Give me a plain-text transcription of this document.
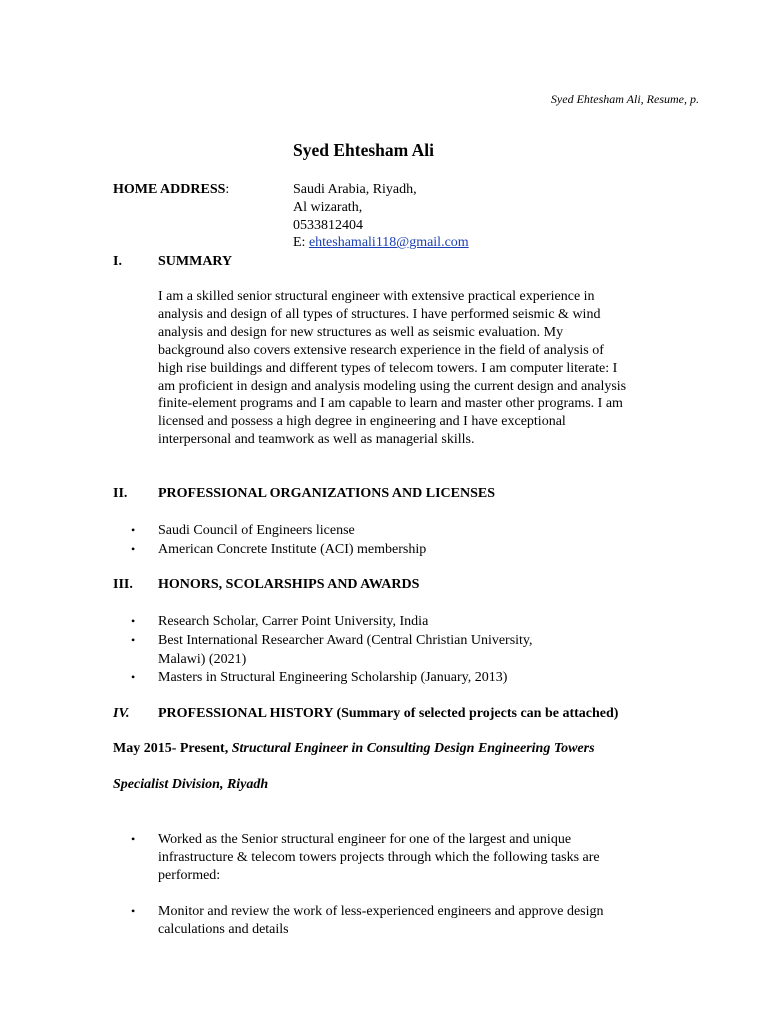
Syed Ehtesham Ali, Resume, p.
Syed Ehtesham Ali
HOME ADDRESS:	Saudi Arabia, Riyadh,
Al wizarath,
0533812404
E: ehteshamali118@gmail.com
I.	SUMMARY

I am a skilled senior structural engineer with extensive practical experience in

analysis and design of all types of structures. I have performed seismic & wind

analysis and design for new structures as well as seismic evaluation. My

background also covers extensive research experience in the field of analysis of

high rise buildings and different types of telecom towers. I am computer literate: I

am proficient in design and analysis modeling using the current design and analysis

finite-element programs and I am capable to learn and master other programs. I am

licensed and possess a high degree in engineering and I have exceptional

interpersonal and teamwork as well as managerial skills.

II. PROFESSIONAL ORGANIZATIONS AND LICENSES
• Saudi Council of Engineers license
• American Concrete Institute (ACI) membership
III. HONORS, SCOLARSHIPS AND AWARDS
• Research Scholar, Carrer Point University, India
• Best International Researcher Award (Central Christian University,
Malawi) (2021)
• Masters in Structural Engineering Scholarship (January, 2013)
IV. PROFESSIONAL HISTORY (Summary of selected projects can be attached)
May 2015- Present, Structural Engineer in Consulting Design Engineering Towers
Specialist Division, Riyadh
• Worked as the Senior structural engineer for one of the largest and unique
infrastructure & telecom towers projects through which the following tasks are
performed:
• Monitor and review the work of less-experienced engineers and approve design
calculations and details
